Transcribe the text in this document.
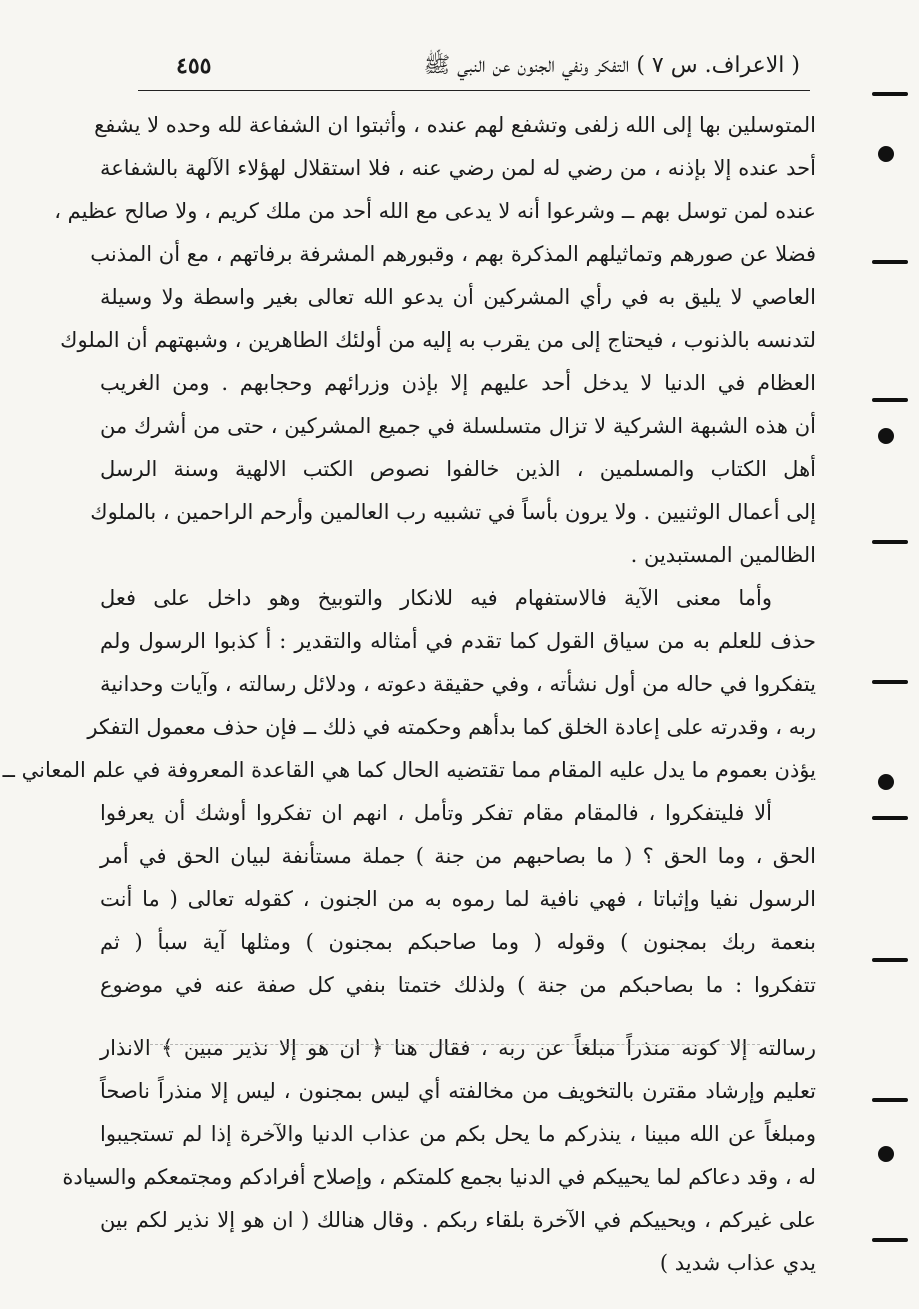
( الاعراف. س ٧ ) التفكر ونفي الجنون عن النبي ﷺ
٤٥٥
المتوسلين بها إلى الله زلفى وتشفع لهم عنده ، وأثبتوا ان الشفاعة لله وحده لا يشفع
أحد عنده إلا بإذنه ، من رضي له لمن رضي عنه ، فلا استقلال لهؤلاء الآلهة بالشفاعة
عنده لمن توسل بهم ــ وشرعوا أنه لا يدعى مع الله أحد من ملك كريم ، ولا صالح عظيم ،
فضلا عن صورهم وتماثيلهم المذكرة بهم ، وقبورهم المشرفة برفاتهم ، مع أن المذنب
العاصي لا يليق به في رأي المشركين أن يدعو الله تعالى بغير واسطة ولا وسيلة
لتدنسه بالذنوب ، فيحتاج إلى من يقرب به إليه من أولئك الطاهرين ، وشبهتهم أن الملوك
العظام في الدنيا لا يدخل أحد عليهم إلا بإذن وزرائهم وحجابهم . ومن الغريب
أن هذه الشبهة الشركية لا تزال متسلسلة في جميع المشركين ، حتى من أشرك من
أهل الكتاب والمسلمين ، الذين خالفوا نصوص الكتب الالهية وسنة الرسل
إلى أعمال الوثنيين . ولا يرون بأساً في تشبيه رب العالمين وأرحم الراحمين ، بالملوك
الظالمين المستبدين .
وأما معنى الآية فالاستفهام فيه للانكار والتوبيخ وهو داخل على فعل
حذف للعلم به من سياق القول كما تقدم في أمثاله والتقدير : أ كذبوا الرسول ولم
يتفكروا في حاله من أول نشأته ، وفي حقيقة دعوته ، ودلائل رسالته ، وآيات وحدانية
ربه ، وقدرته على إعادة الخلق كما بدأهم وحكمته في ذلك ــ فإن حذف معمول التفكر
يؤذن بعموم ما يدل عليه المقام مما تقتضيه الحال كما هي القاعدة المعروفة في علم المعاني ــ
ألا فليتفكروا ، فالمقام مقام تفكر وتأمل ، انهم ان تفكروا أوشك أن يعرفوا
الحق ، وما الحق ؟ ( ما بصاحبهم من جنة ) جملة مستأنفة لبيان الحق في أمر
الرسول نفيا وإثباتا ، فهي نافية لما رموه به من الجنون ، كقوله تعالى ( ما أنت
بنعمة ربك بمجنون ) وقوله ( وما صاحبكم بمجنون ) ومثلها آية سبأ ( ثم
تتفكروا : ما بصاحبكم من جنة ) ولذلك ختمتا بنفي كل صفة عنه في موضوع
رسالته إلا كونه منذراً مبلغاً عن ربه ، فقال هنا ﴿ ان هو إلا نذير مبين ﴾ الانذار
تعليم وإرشاد مقترن بالتخويف من مخالفته أي ليس بمجنون ، ليس إلا منذراً ناصحاً
ومبلغاً عن الله مبينا ، ينذركم ما يحل بكم من عذاب الدنيا والآخرة إذا لم تستجيبوا
له ، وقد دعاكم لما يحييكم في الدنيا بجمع كلمتكم ، وإصلاح أفرادكم ومجتمعكم والسيادة
على غيركم ، ويحييكم في الآخرة بلقاء ربكم . وقال هنالك ( ان هو إلا نذير لكم بين
يدي عذاب شديد )
